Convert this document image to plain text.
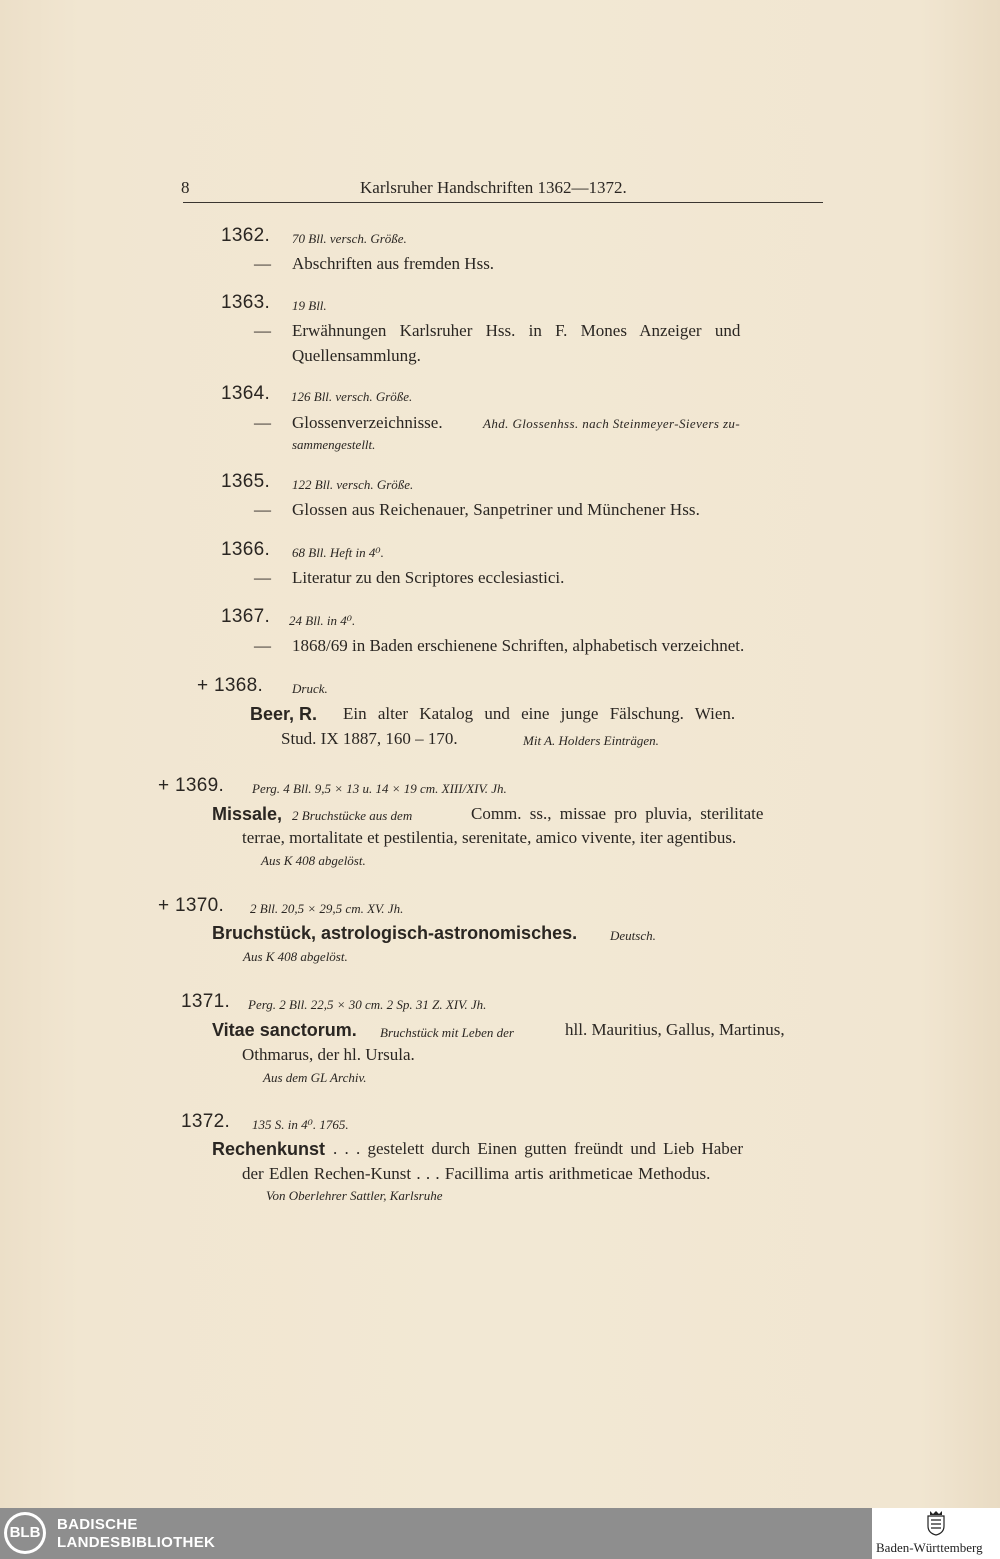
8	Karlsruher Handschriften 1362—1372.
1362. 70 Bll. versch. Größe.
— Abschriften aus fremden Hss.
1363. 19 Bll.
— Erwähnungen Karlsruher Hss. in F. Mones Anzeiger und
Quellensammlung.
1364. 126 Bll. versch. Größe.
— Glossenverzeichnisse.	Ahd. Glossenhss. nach Steinmeyer-Sievers zu-
sammengestellt.
1365. 122 Bll. versch. Größe.
— Glossen aus Reichenauer, Sanpetriner und Münchener Hss.
1366. 68 Bll. Heft in 4⁰.
— Literatur zu den Scriptores ecclesiastici.
1367. 24 Bll. in 4⁰.
— 1868/69 in Baden erschienene Schriften, alphabetisch verzeichnet.
+ 1368. Druck.
Beer, R. Ein alter Katalog und eine junge Fälschung. Wien.
Stud. IX 1887, 160 – 170.	Mit A. Holders Einträgen.
+ 1369. Perg. 4 Bll. 9,5 × 13 u. 14 × 19 cm. XIII/XIV. Jh.
Missale, 2 Bruchstücke aus dem	Comm. ss., missae pro pluvia, sterilitate
terrae, mortalitate et pestilentia, serenitate, amico vivente, iter agentibus.
Aus K 408 abgelöst.
+ 1370. 2 Bll. 20,5 × 29,5 cm. XV. Jh.
Bruchstück, astrologisch-astronomisches.	Deutsch.
Aus K 408 abgelöst.
1371. Perg. 2 Bll. 22,5 × 30 cm. 2 Sp. 31 Z. XIV. Jh.
Vitae sanctorum. Bruchstück mit Leben der	hll. Mauritius, Gallus, Martinus,
Othmarus, der hl. Ursula.
Aus dem GL Archiv.
1372. 135 S. in 4⁰. 1765.
Rechenkunst . . . gestelett durch Einen gutten freündt und Lieb Haber
der Edlen Rechen-Kunst . . . Facillima artis arithmeticae Methodus.
Von Oberlehrer Sattler, Karlsruhe
BLB BADISCHE
LANDESBIBLIOTHEK	Baden-Württemberg
